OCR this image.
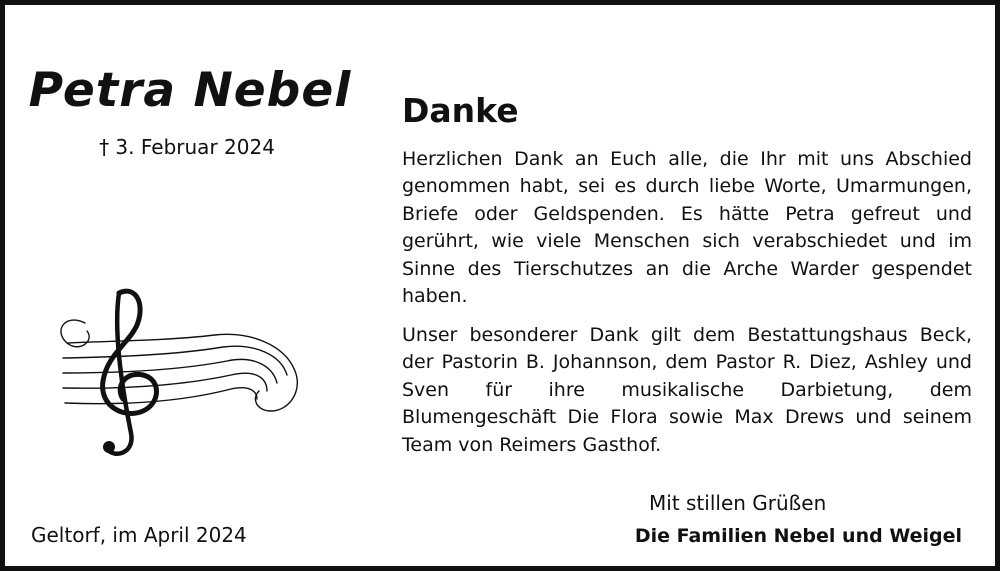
Petra Nebel
† 3. Februar 2024
Geltorf, im April 2024
Danke

Herzlichen Dank an Euch alle, die Ihr mit uns Abschied genommen habt, sei es durch liebe Worte, Umarmungen, Briefe oder Geldspenden. Es hätte Petra gefreut und gerührt, wie viele Menschen sich verabschiedet und im Sinne des Tierschutzes an die Arche Warder gespendet haben.

Unser besonderer Dank gilt dem Bestattungshaus Beck, der Pastorin B. Johannson, dem Pastor R. Diez, Ashley und Sven für ihre musikalische Darbietung, dem Blumengeschäft Die Flora sowie Max Drews und seinem Team von Reimers Gasthof.

Mit stillen Grüßen
Die Familien Nebel und Weigel
